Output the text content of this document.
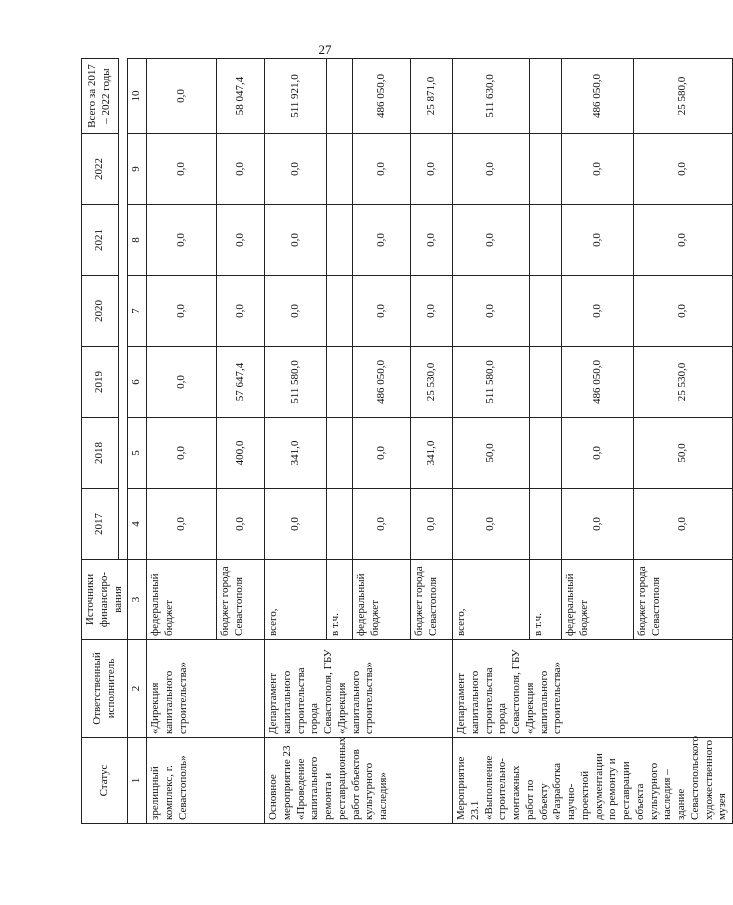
27
Статус	Ответственный исполнитель	Источники финансиро-вания	2017	2018	2019	2020	2021	2022	Всего за 2017 – 2022 годы

1	2	3	4	5	6	7	8	9	10
зрелищный комплекс, г. Севастополь»	«Дирекция капитального строительства»	федеральный бюджет	0,0	0,0	0,0	0,0	0,0	0,0	0,0
		бюджет города Севастополя	0,0	400,0	57 647,4	0,0	0,0	0,0	58 047,4
Основное мероприятие 23 «Проведение капитального ремонта и реставрационных работ объектов культурного наследия»	Департамент капитального строительства города Севастополя, ГБУ «Дирекция капитального строительства»	всего,	0,0	341,0	511 580,0	0,0	0,0	0,0	511 921,0
		в т.ч.							
		федеральный бюджет	0,0	0,0	486 050,0	0,0	0,0	0,0	486 050,0
		бюджет города Севастополя	0,0	341,0	25 530,0	0,0	0,0	0,0	25 871,0
Мероприятие 23.1 «Выполнение строительно-монтажных работ по объекту «Разработка научно-проектной документации по ремонту и реставрации объекта культурного наследия – здание Севастопольского художественного музея	Департамент капитального строительства города Севастополя, ГБУ «Дирекция капитального строительства»	всего,	0,0	50,0	511 580,0	0,0	0,0	0,0	511 630,0
		в т.ч.							
		федеральный бюджет	0,0	0,0	486 050,0	0,0	0,0	0,0	486 050,0
		бюджет города Севастополя	0,0	50,0	25 530,0	0,0	0,0	0,0	25 580,0
